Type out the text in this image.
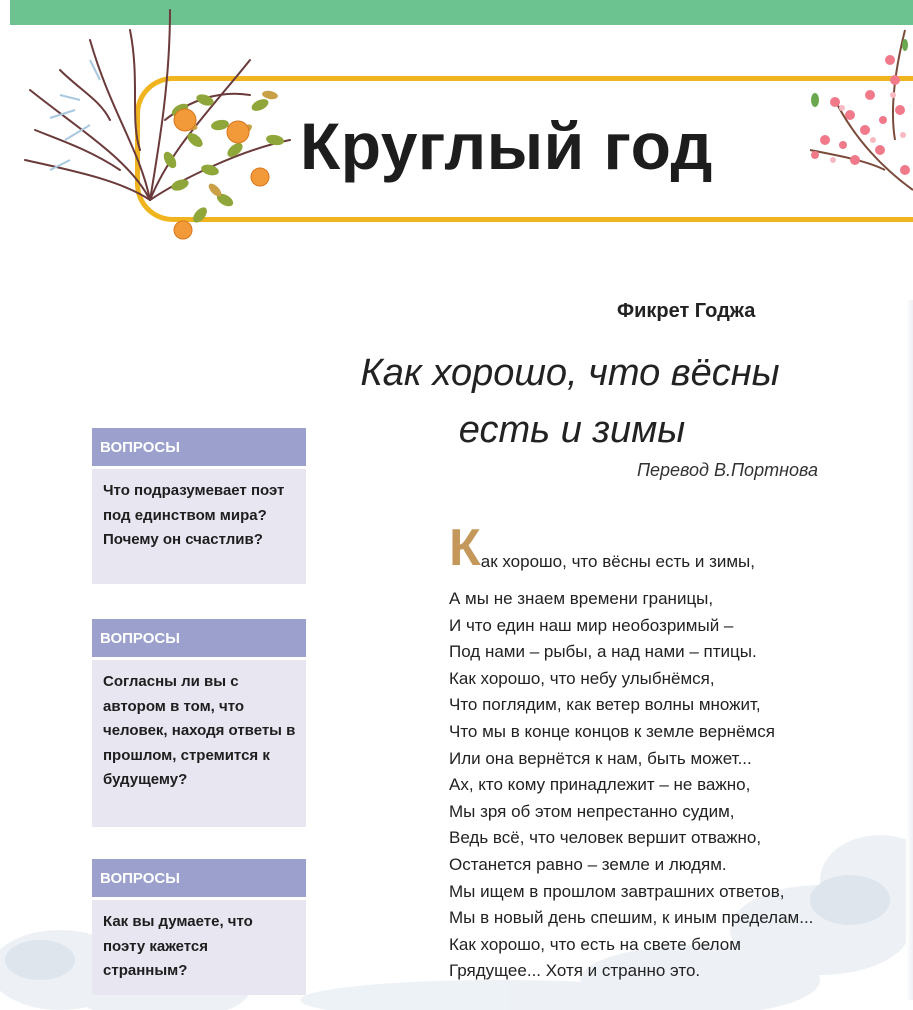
Круглый год
Фикрет Годжа
Как хорошо, что вёсны
есть и зимы
Перевод В.Портнова
Как хорошо, что вёсны есть и зимы,
А мы не знаем времени границы,
И что един наш мир необозримый –
Под нами – рыбы, а над нами – птицы.
Как хорошо, что небу улыбнёмся,
Что поглядим, как ветер волны множит,
Что мы в конце концов к земле вернёмся
Или она вернётся к нам, быть может...
Ах, кто кому принадлежит – не важно,
Мы зря об этом непрестанно судим,
Ведь всё, что человек вершит отважно,
Останется равно – земле и людям.
Мы ищем в прошлом завтрашних ответов,
Мы в новый день спешим, к иным пределам...
Как хорошо, что есть на свете белом
Грядущее... Хотя и странно это.
ВОПРОСЫ
Что подразумевает поэт под единством мира? Почему он счастлив?
ВОПРОСЫ
Согласны ли вы с автором в том, что человек, находя ответы в прошлом, стремится к будущему?
ВОПРОСЫ
Как вы думаете, что поэту кажется странным?
